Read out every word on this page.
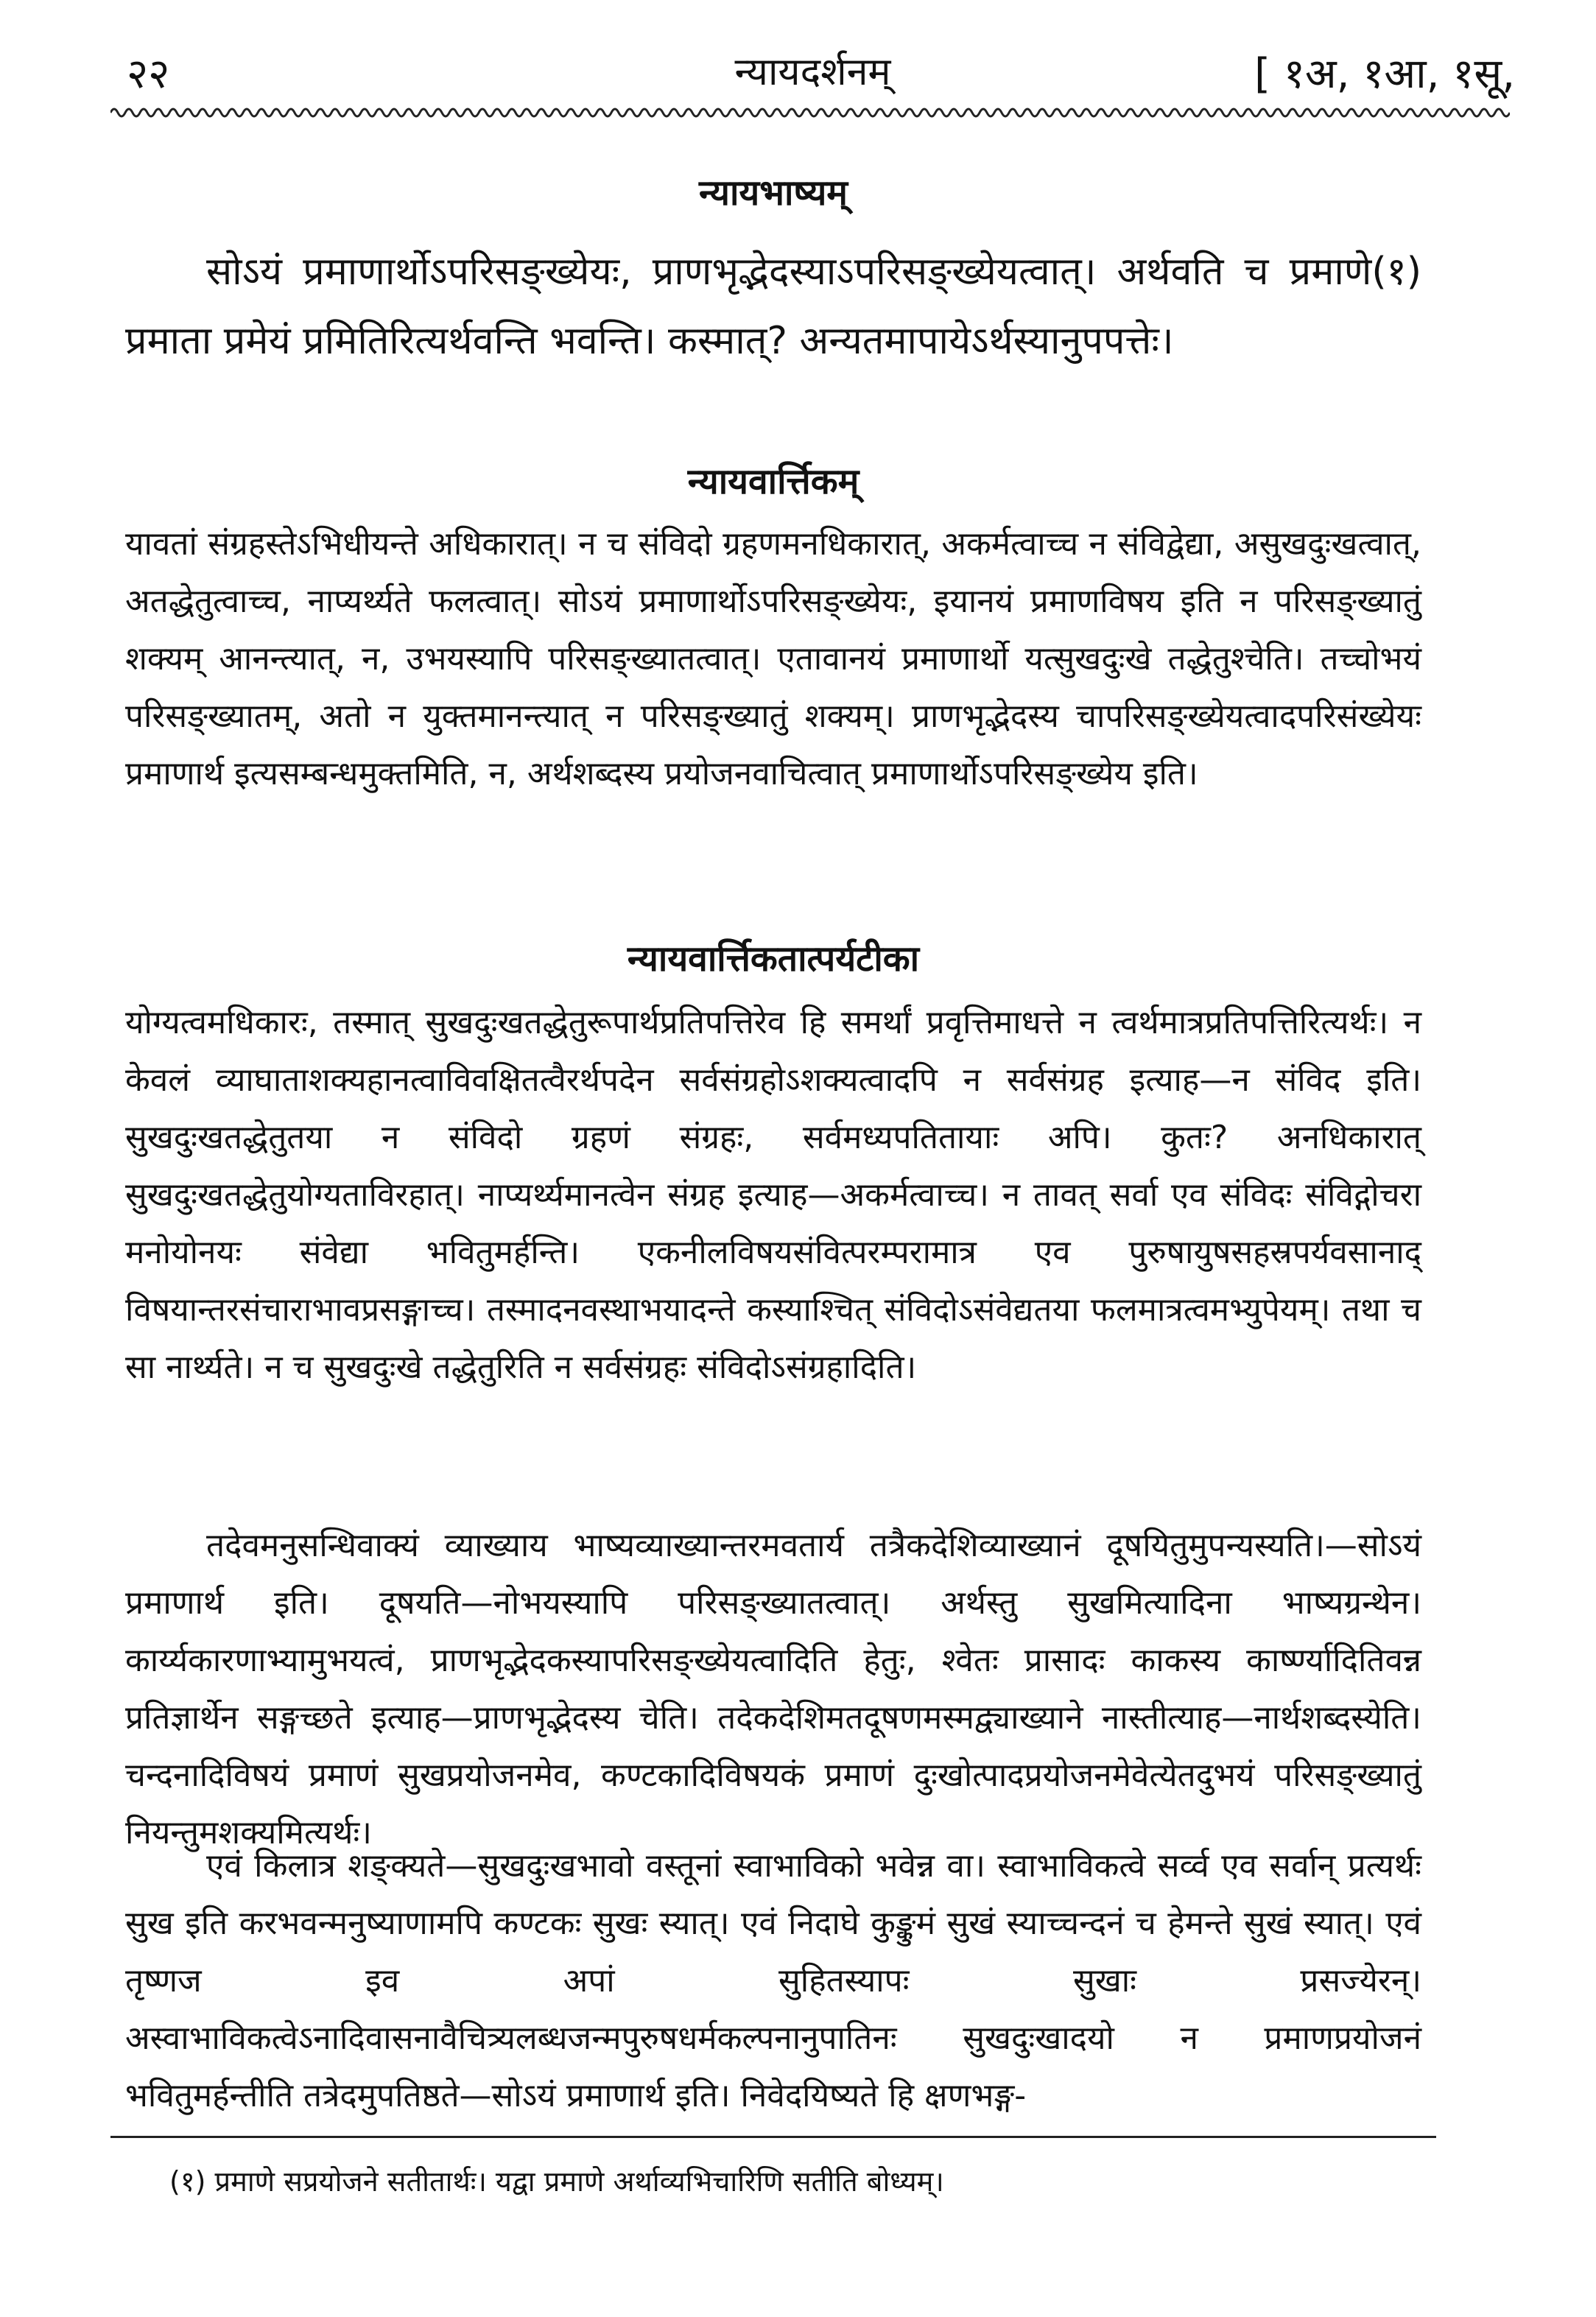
२२	न्यायदर्शनम्	[ १अ, १आ, १सू,
न्यायभाष्यम्

सोऽयं प्रमाणार्थोऽपरिसङ्ख्येयः, प्राणभृद्भेदस्याऽपरिसङ्ख्येयत्वात्। अर्थवति च प्रमाणे(१) प्रमाता प्रमेयं प्रमितिरित्यर्थवन्ति भवन्ति। कस्मात्? अन्यतमापायेऽर्थस्यानुपपत्तेः।

न्यायवार्त्तिकम्

यावतां संग्रहस्तेऽभिधीयन्ते अधिकारात्। न च संविदो ग्रहणमनधिकारात्, अकर्मत्वाच्च न संविद्वेद्या, असुखदुःखत्वात्, अतद्धेतुत्वाच्च, नाप्यर्थ्यते फलत्वात्। सोऽयं प्रमाणार्थोऽपरिसङ्ख्येयः, इयानयं प्रमाणविषय इति न परिसङ्ख्यातुं शक्यम् आनन्त्यात्, न, उभयस्यापि परिसङ्ख्यातत्वात्। एतावानयं प्रमाणार्थो यत्सुखदुःखे तद्धेतुश्चेति। तच्चोभयं परिसङ्ख्यातम्, अतो न युक्तमानन्त्यात् न परिसङ्ख्यातुं शक्यम्। प्राणभृद्भेदस्य चापरिसङ्ख्येयत्वादपरिसंख्येयः प्रमाणार्थ इत्यसम्बन्धमुक्तमिति, न, अर्थशब्दस्य प्रयोजनवाचित्वात् प्रमाणार्थोऽपरिसङ्ख्येय इति।

न्यायवार्त्तिकतात्पर्यटीका

योग्यत्वमधिकारः, तस्मात् सुखदुःखतद्धेतुरूपार्थप्रतिपत्तिरेव हि समर्थां प्रवृत्तिमाधत्ते न त्वर्थमात्रप्रतिपत्तिरित्यर्थः। न केवलं व्याघाताशक्यहानत्वाविवक्षितत्वैरर्थपदेन सर्वसंग्रहोऽशक्यत्वादपि न सर्वसंग्रह इत्याह—न संविद इति। सुखदुःखतद्धेतुतया न संविदो ग्रहणं संग्रहः, सर्वमध्यपतितायाः अपि। कुतः? अनधिकारात् सुखदुःखतद्धेतुयोग्यताविरहात्। नाप्यर्थ्यमानत्वेन संग्रह इत्याह—अकर्मत्वाच्च। न तावत् सर्वा एव संविदः संविद्गोचरा मनोयोनयः संवेद्या भवितुमर्हन्ति। एकनीलविषयसंवित्परम्परामात्र एव पुरुषायुषसहस्रपर्यवसानाद् विषयान्तरसंचाराभावप्रसङ्गाच्च। तस्मादनवस्थाभयादन्ते कस्याश्चित् संविदोऽसंवेद्यतया फलमात्रत्वमभ्युपेयम्। तथा च सा नार्थ्यते। न च सुखदुःखे तद्धेतुरिति न सर्वसंग्रहः संविदोऽसंग्रहादिति।

तदेवमनुसन्धिवाक्यं व्याख्याय भाष्यव्याख्यान्तरमवतार्य तत्रैकदेशिव्याख्यानं दूषयितुमुपन्यस्यति।—सोऽयं प्रमाणार्थ इति। दूषयति—नोभयस्यापि परिसङ्ख्यातत्वात्। अर्थस्तु सुखमित्यादिना भाष्यग्रन्थेन। कार्य्यकारणाभ्यामुभयत्वं, प्राणभृद्भेदकस्यापरिसङ्ख्येयत्वादिति हेतुः, श्वेतः प्रासादः काकस्य कार्ष्ण्यादितिवन्न प्रतिज्ञार्थेन सङ्गच्छते इत्याह—प्राणभृद्भेदस्य चेति। तदेकदेशिमतदूषणमस्मद्व्याख्याने नास्तीत्याह—नार्थशब्दस्येति। चन्दनादिविषयं प्रमाणं सुखप्रयोजनमेव, कण्टकादिविषयकं प्रमाणं दुःखोत्पादप्रयोजनमेवेत्येतदुभयं परिसङ्ख्यातुं नियन्तुमशक्यमित्यर्थः।

एवं किलात्र शङ्क्यते—सुखदुःखभावो वस्तूनां स्वाभाविको भवेन्न वा। स्वाभाविकत्वे सर्व्व एव सर्वान् प्रत्यर्थः सुख इति करभवन्मनुष्याणामपि कण्टकः सुखः स्यात्। एवं निदाघे कुङ्कुमं सुखं स्याच्चन्दनं च हेमन्ते सुखं स्यात्। एवं तृष्णज इव अपां सुहितस्यापः सुखाः प्रसज्येरन्। अस्वाभाविकत्वेऽनादिवासनावैचित्र्यलब्धजन्मपुरुषधर्मकल्पनानुपातिनः सुखदुःखादयो न प्रमाणप्रयोजनं भवितुमर्हन्तीति तत्रेदमुपतिष्ठते—सोऽयं प्रमाणार्थ इति। निवेदयिष्यते हि क्षणभङ्ग-

(१) प्रमाणे सप्रयोजने सतीतार्थः। यद्वा प्रमाणे अर्थाव्यभिचारिणि सतीति बोध्यम्।
